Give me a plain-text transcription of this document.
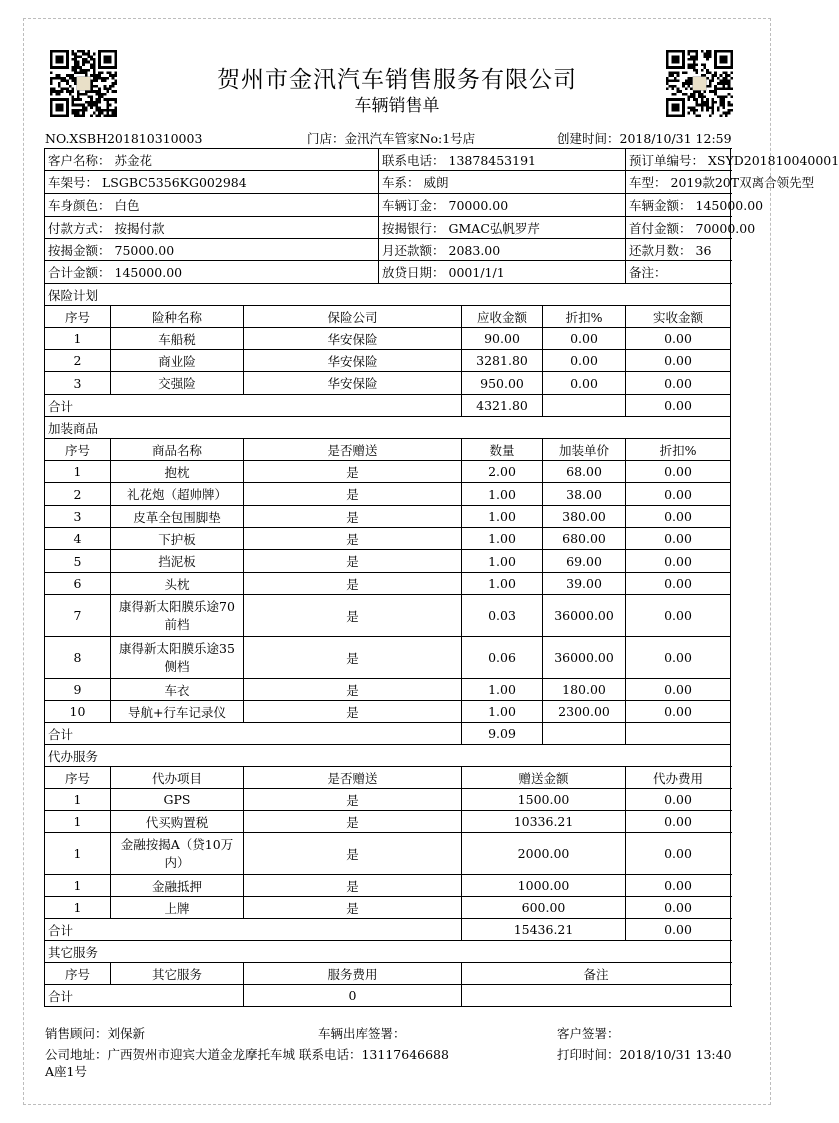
贺州市金汛汽车销售服务有限公司
车辆销售单
NO.XSBH201810310003	门店：金汛汽车管家No:1号店	创建时间：2018/10/31 12:59
客户名称： 苏金花			联系电话： 13878453191			预订单编号： XSYD201810040001	
车架号： LSGBC5356KG002984			车系： 威朗			车型： 2019款20T双离合领先型	
车身颜色： 白色			车辆订金： 70000.00			车辆金额： 145000.00	
付款方式： 按揭付款			按揭银行： GMAC弘帆罗芹			首付金额： 70000.00	
按揭金额： 75000.00			月还款额： 2083.00			还款月数： 36	
合计金额： 145000.00			放贷日期： 0001/1/1			备注：	
保险计划							
序号	险种名称	保险公司		应收金额	折扣%	实收金额	
1	车船税	华安保险		90.00	0.00	0.00	
2	商业险	华安保险		3281.80	0.00	0.00	
3	交强险	华安保险		950.00	0.00	0.00	
合计				4321.80		0.00	
加装商品							
序号	商品名称	是否赠送		数量	加装单价	折扣%	
1	抱枕	是		2.00	68.00	0.00	
2	礼花炮（超帅牌）	是		1.00	38.00	0.00	
3	皮革全包围脚垫	是		1.00	380.00	0.00	
4	下护板	是		1.00	680.00	0.00	
5	挡泥板	是		1.00	69.00	0.00	
6	头枕	是		1.00	39.00	0.00	
7	康得新太阳膜乐途70前档	是		0.03	36000.00	0.00	
8	康得新太阳膜乐途35侧档	是		0.06	36000.00	0.00	
9	车衣	是		1.00	180.00	0.00	
10	导航+行车记录仪	是		1.00	2300.00	0.00	
合计				9.09			
代办服务							
序号	代办项目	是否赠送		赠送金额		代办费用	
1	GPS	是		1500.00		0.00	
1	代买购置税	是		10336.21		0.00	
1	金融按揭A（贷10万内）	是		2000.00		0.00	
1	金融抵押	是		1000.00		0.00	
1	上牌	是		600.00		0.00	
合计				15436.21		0.00	
其它服务							
序号	其它服务	服务费用		备注			
合计		0					
销售顾问：刘保新	车辆出库签署：	客户签署：
公司地址：广西贺州市迎宾大道金龙摩托车城 联系电话：13117646688
A座1号
打印时间：2018/10/31 13:40
